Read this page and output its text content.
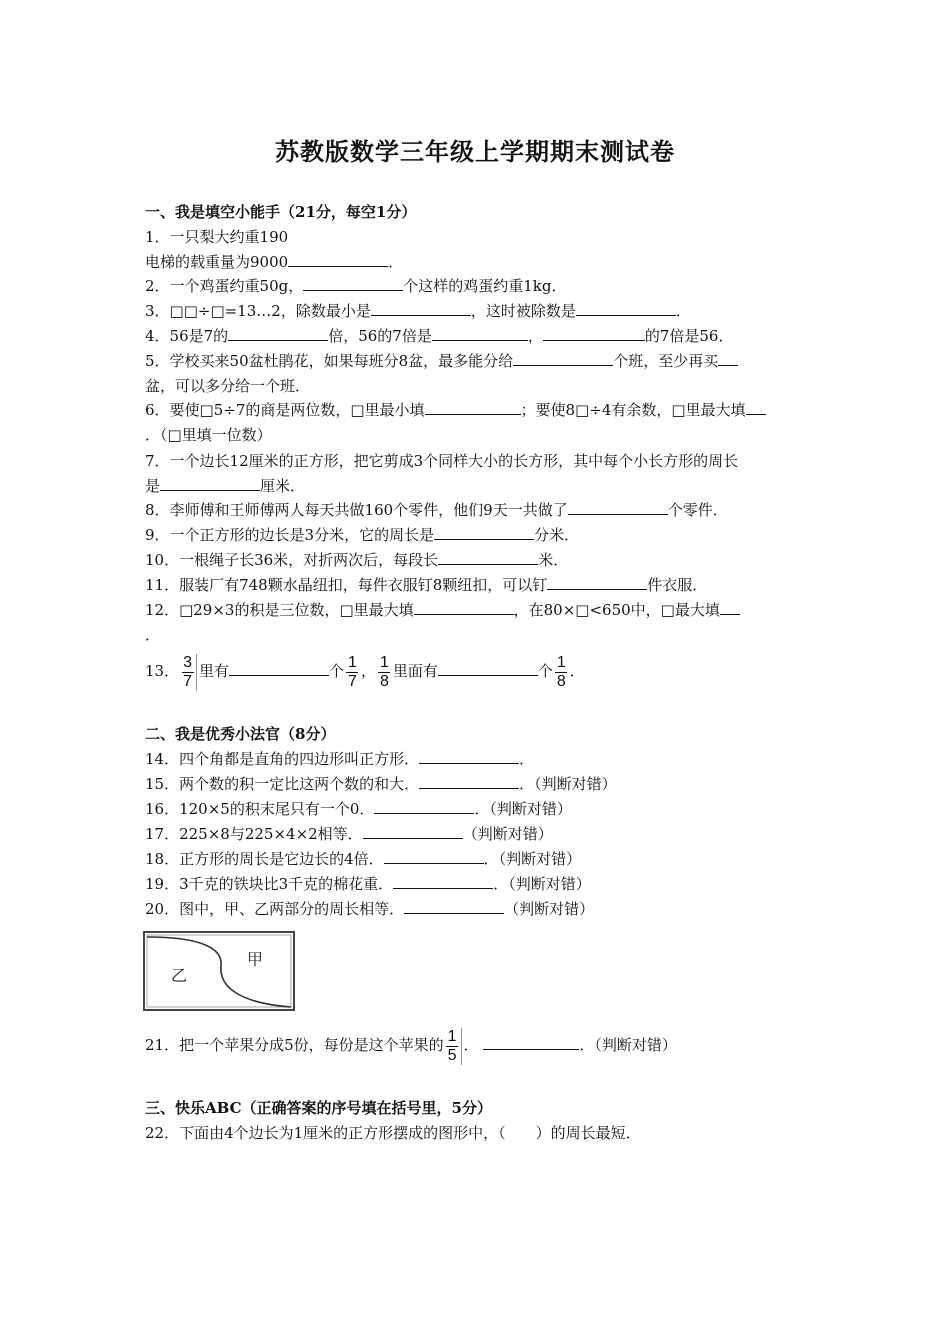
苏教版数学三年级上学期期末测试卷
一、我是填空小能手（21分，每空1分）
1．一只梨大约重190
电梯的载重量为9000	．
2．一个鸡蛋约重50g，	个这样的鸡蛋约重1kg．
3．□□÷□=13…2，除数最小是	，这时被除数是	．
4．56是7的	倍，56的7倍是	，	的7倍是56．
5．学校买来50盆杜鹃花，如果每班分8盆，最多能分给	个班，至少再买
盆，可以多分给一个班．
6．要使□5÷7的商是两位数，□里最小填	；要使8□÷4有余数，□里最大填
．（□里填一位数）
7．一个边长12厘米的正方形，把它剪成3个同样大小的长方形，其中每个小长方形的周长
是	厘米．
8．李师傅和王师傅两人每天共做160个零件，他们9天一共做了	个零件．
9．一个正方形的边长是3分米，它的周长是	分米．
10．一根绳子长36米，对折两次后，每段长	米．
11．服装厂有748颗水晶纽扣，每件衣服钉8颗纽扣，可以钉	件衣服．
12．□29×3的积是三位数，□里最大填	，在80×□<650中，□最大填
．
13． $\frac{3}{7}$ 里有	个 $\frac{1}{7}$ ， $\frac{1}{8}$ 里面有	个 $\frac{1}{8}$ ．
二、我是优秀小法官（8分）
14．四个角都是直角的四边形叫正方形．	．
15．两个数的积一定比这两个数的和大．	．（判断对错）
16．120×5的积末尾只有一个0．	．（判断对错）
17．225×8与225×4×2相等．	（判断对错）
18．正方形的周长是它边长的4倍．	．（判断对错）
19．3千克的铁块比3千克的棉花重．	．（判断对错）
20．图中，甲、乙两部分的周长相等．	（判断对错）
乙
甲
21．把一个苹果分成5份，每份是这个苹果的 $\frac{1}{5}$ ．	．（判断对错）
三、快乐ABC（正确答案的序号填在括号里，5分）
22．下面由4个边长为1厘米的正方形摆成的图形中，（　　）的周长最短．
